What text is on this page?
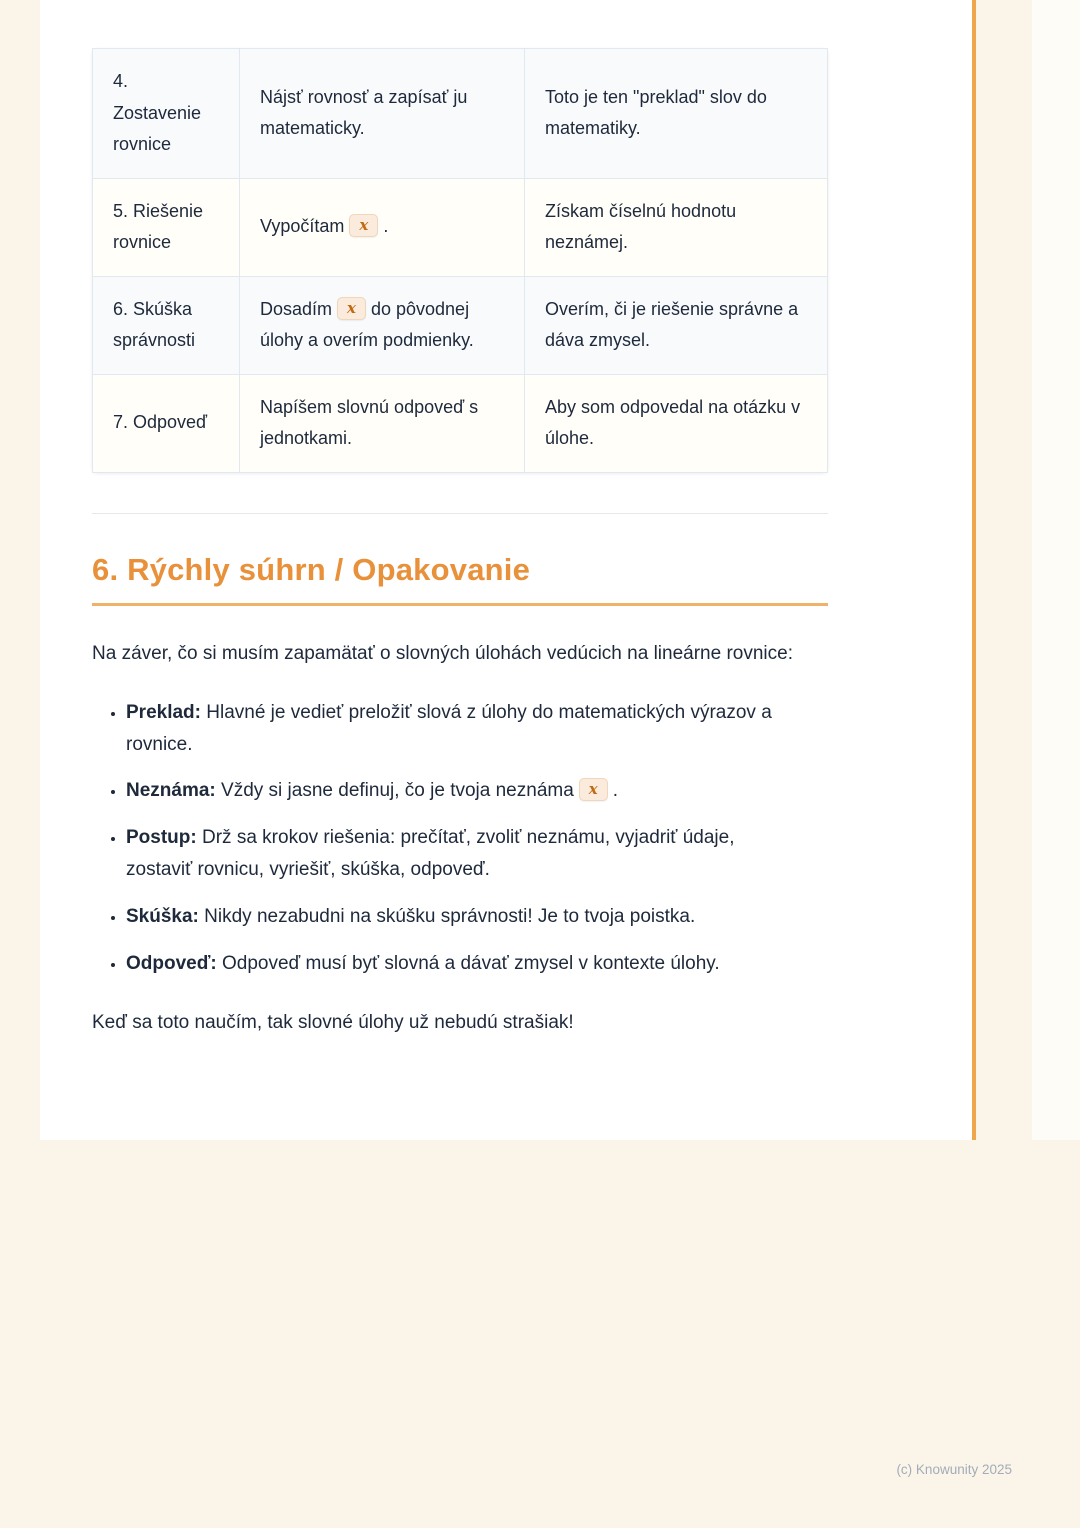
4. Zostavenie rovnice	Nájsť rovnosť a zapísať ju matematicky.	Toto je ten "preklad" slov do matematiky.
5. Riešenie rovnice	Vypočítam x .	Získam číselnú hodnotu neznámej.
6. Skúška správnosti	Dosadím x do pôvodnej úlohy a overím podmienky.	Overím, či je riešenie správne a dáva zmysel.
7. Odpoveď	Napíšem slovnú odpoveď s jednotkami.	Aby som odpovedal na otázku v úlohe.
6. Rýchly súhrn / Opakovanie

Na záver, čo si musím zapamätať o slovných úlohách vedúcich na lineárne rovnice:

• Preklad: Hlavné je vedieť preložiť slová z úlohy do matematických výrazov a rovnice.
• Neznáma: Vždy si jasne definuj, čo je tvoja neznáma x .
• Postup: Drž sa krokov riešenia: prečítať, zvoliť neznámu, vyjadriť údaje, zostaviť rovnicu, vyriešiť, skúška, odpoveď.
• Skúška: Nikdy nezabudni na skúšku správnosti! Je to tvoja poistka.
• Odpoveď: Odpoveď musí byť slovná a dávať zmysel v kontexte úlohy.

Keď sa toto naučím, tak slovné úlohy už nebudú strašiak!

(c) Knowunity 2025
